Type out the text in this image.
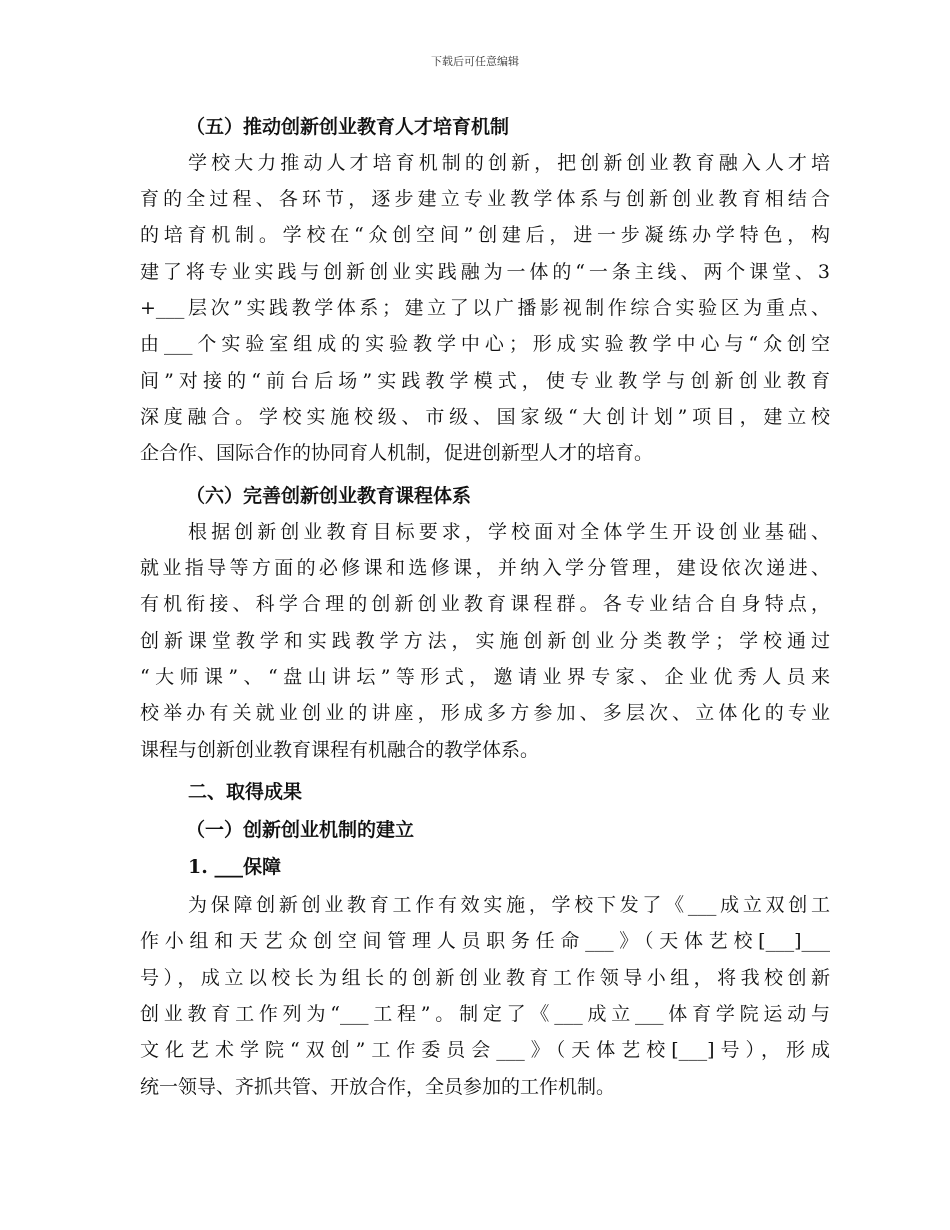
下载后可任意编辑
（五）推动创新创业教育人才培育机制
学校大力推动人才培育机制的创新，把创新创业教育融入人才培
育的全过程、各环节，逐步建立专业教学体系与创新创业教育相结合
的培育机制。学校在“众创空间”创建后，进一步凝练办学特色，构
建了将专业实践与创新创业实践融为一体的“一条主线、两个课堂、3
+___层次”实践教学体系；建立了以广播影视制作综合实验区为重点、
由___个实验室组成的实验教学中心；形成实验教学中心与“众创空
间”对接的“前台后场”实践教学模式，使专业教学与创新创业教育
深度融合。学校实施校级、市级、国家级“大创计划”项目，建立校
企合作、国际合作的协同育人机制，促进创新型人才的培育。
（六）完善创新创业教育课程体系
根据创新创业教育目标要求，学校面对全体学生开设创业基础、
就业指导等方面的必修课和选修课，并纳入学分管理，建设依次递进、
有机衔接、科学合理的创新创业教育课程群。各专业结合自身特点，
创新课堂教学和实践教学方法，实施创新创业分类教学；学校通过
“大师课”、“盘山讲坛”等形式，邀请业界专家、企业优秀人员来
校举办有关就业创业的讲座，形成多方参加、多层次、立体化的专业
课程与创新创业教育课程有机融合的教学体系。
二、取得成果
（一）创新创业机制的建立
1. ___保障
为保障创新创业教育工作有效实施，学校下发了《___成立双创工
作小组和天艺众创空间管理人员职务任命___》（天体艺校[___]___
号），成立以校长为组长的创新创业教育工作领导小组，将我校创新
创业教育工作列为“___工程”。制定了《___成立___体育学院运动与
文化艺术学院“双创”工作委员会___》（天体艺校[___]号），形成
统一领导、齐抓共管、开放合作，全员参加的工作机制。
